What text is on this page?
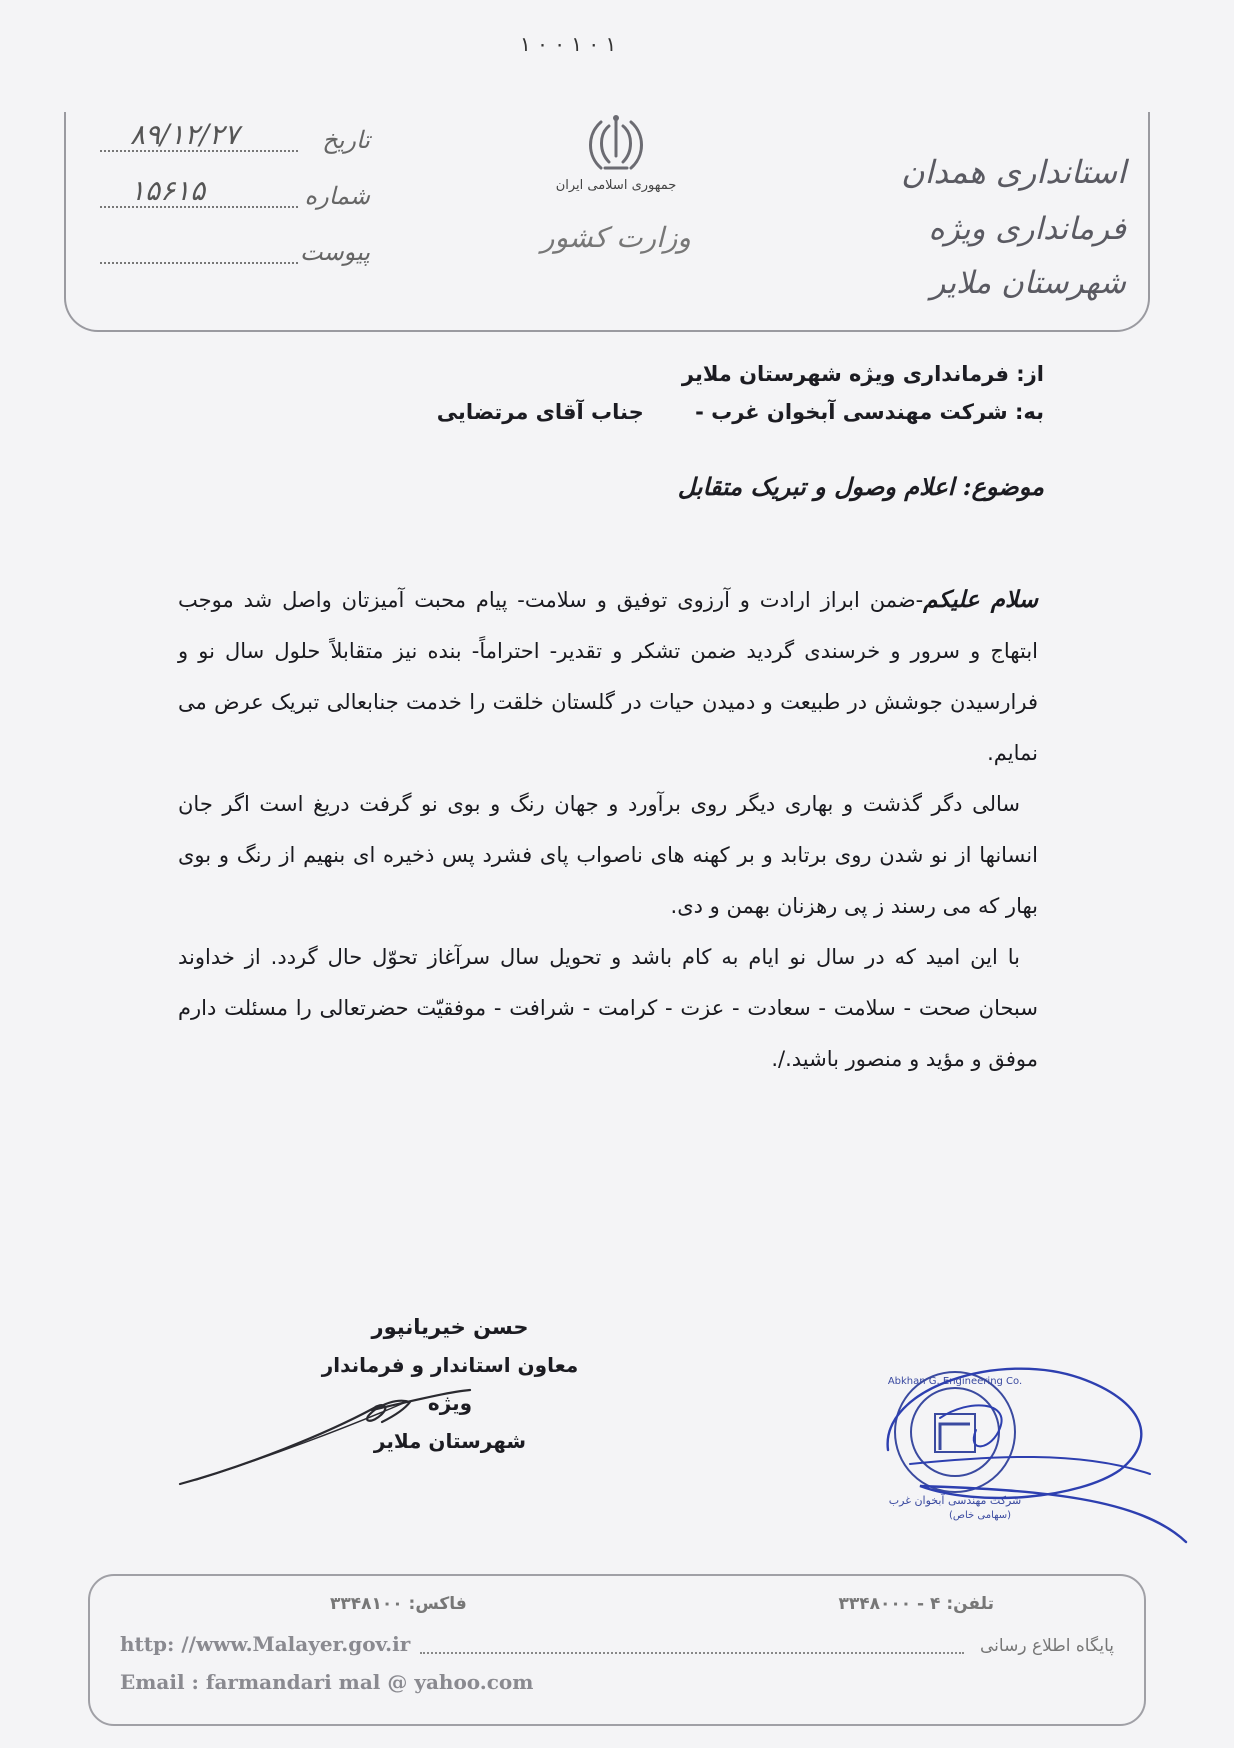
۱ ۰ ۰ ۱ ۰ ۱
استانداری همدان
فرمانداری ویژه شهرستان ملایر
جمهوری اسلامی ایران
وزارت کشور
تاریخ
۸۹/۱۲/۲۷
شماره
۱۵۶۱۵
پیوست
از: فرمانداری ویژه شهرستان ملایر
به: شرکت مهندسی آبخوان غرب - جناب آقای مرتضایی
موضوع: اعلام وصول و تبریک متقابل

سلام علیکم-ضمن ابراز ارادت و آرزوی توفیق و سلامت- پیام محبت آمیزتان واصل شد موجب ابتهاج و سرور و خرسندی گردید ضمن تشکر و تقدیر- احتراماً- بنده نیز متقابلاً حلول سال نو و فرارسیدن جوشش در طبیعت و دمیدن حیات در گلستان خلقت را خدمت جنابعالی تبریک عرض می نمایم.

سالی دگر گذشت و بهاری دیگر روی برآورد و جهان رنگ و بوی نو گرفت دریغ است اگر جان انسانها از نو شدن روی برتابد و بر کهنه های ناصواب پای فشرد پس ذخیره ای بنهیم از رنگ و بوی بهار که می رسند ز پی رهزنان بهمن و دی.

با این امید که در سال نو ایام به کام باشد و تحویل سال سرآغاز تحوّل حال گردد. از خداوند سبحان صحت - سلامت - سعادت - عزت - کرامت - شرافت - موفقیّت حضرتعالی را مسئلت دارم موفق و مؤید و منصور باشید./.

حسن خیریانپور
معاون استاندار و فرماندار ویژه
شهرستان ملایر
شرکت مهندسی آبخوان غرب
(سهامی خاص)
Abkhan G. Engineering Co.
تلفن: ۴ - ۳۳۴۸۰۰۰
فاکس: ۳۳۴۸۱۰۰
http: //www.Malayer.gov.ir	پایگاه اطلاع رسانی
Email : farmandari mal @ yahoo.com
